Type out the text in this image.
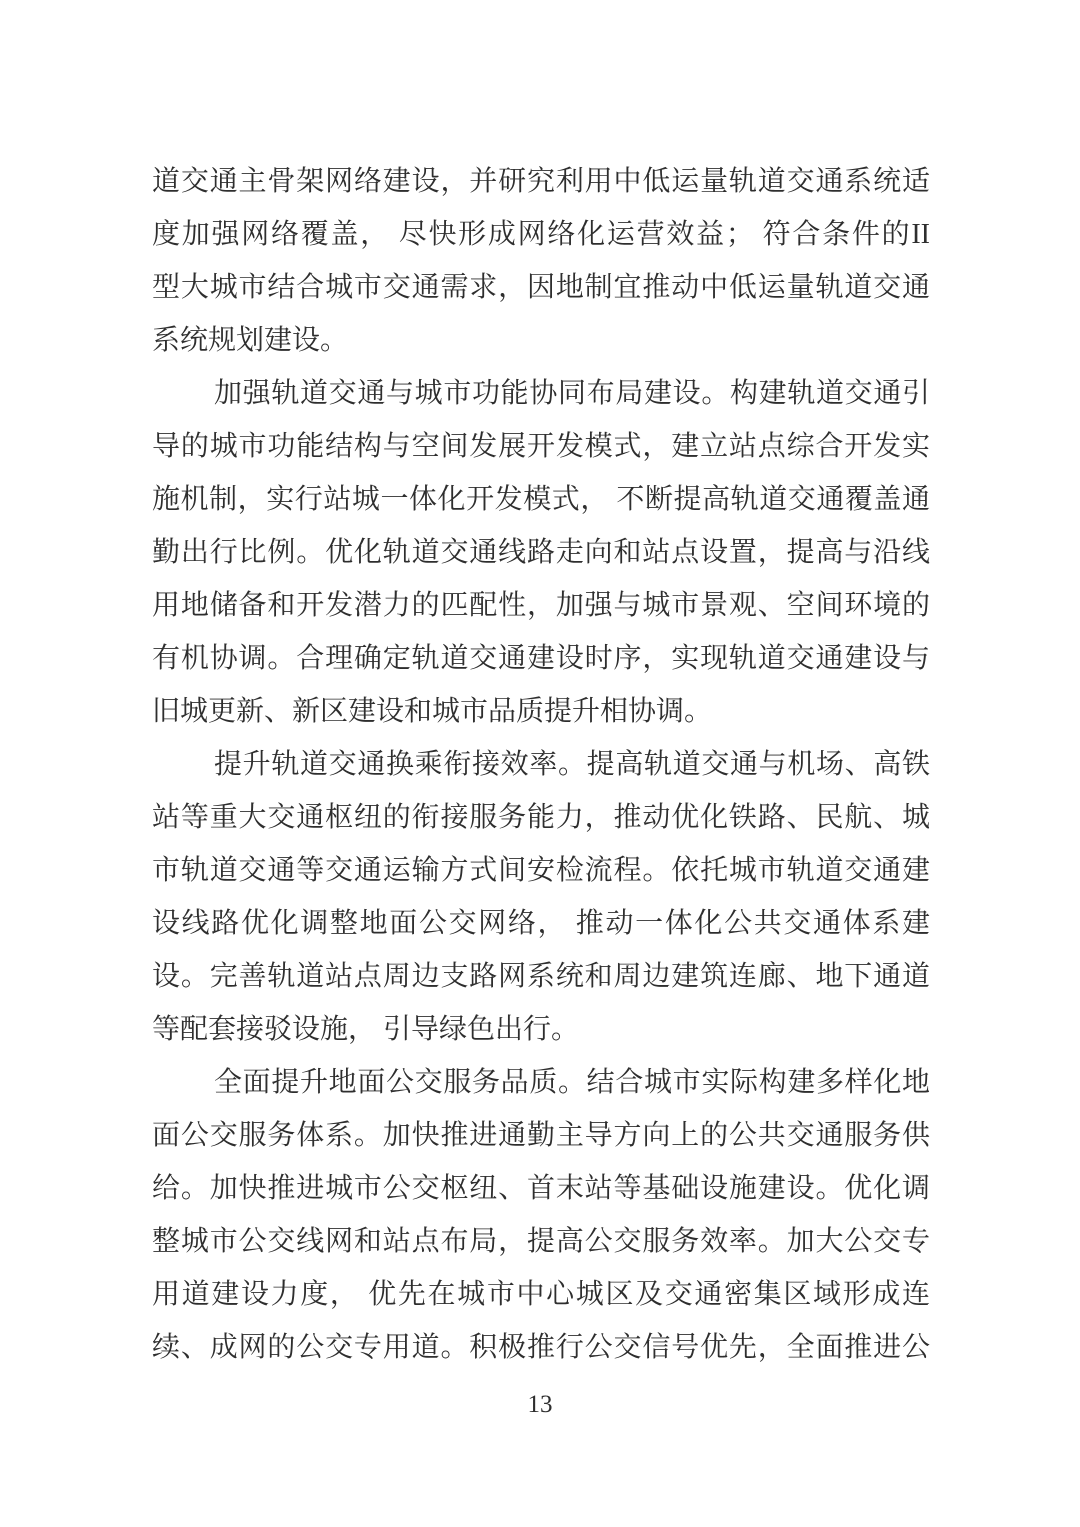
道交通主骨架网络建设，并研究利用中低运量轨道交通系统适
度加强网络覆盖， 尽快形成网络化运营效益； 符合条件的II
型大城市结合城市交通需求，因地制宜推动中低运量轨道交通
系统规划建设。
加强轨道交通与城市功能协同布局建设。构建轨道交通引
导的城市功能结构与空间发展开发模式，建立站点综合开发实
施机制，实行站城一体化开发模式， 不断提高轨道交通覆盖通
勤出行比例。优化轨道交通线路走向和站点设置，提高与沿线
用地储备和开发潜力的匹配性，加强与城市景观、空间环境的
有机协调。合理确定轨道交通建设时序，实现轨道交通建设与
旧城更新、新区建设和城市品质提升相协调。
提升轨道交通换乘衔接效率。提高轨道交通与机场、高铁
站等重大交通枢纽的衔接服务能力，推动优化铁路、民航、城
市轨道交通等交通运输方式间安检流程。依托城市轨道交通建
设线路优化调整地面公交网络， 推动一体化公共交通体系建
设。完善轨道站点周边支路网系统和周边建筑连廊、地下通道
等配套接驳设施， 引导绿色出行。
全面提升地面公交服务品质。结合城市实际构建多样化地
面公交服务体系。加快推进通勤主导方向上的公共交通服务供
给。加快推进城市公交枢纽、首末站等基础设施建设。优化调
整城市公交线网和站点布局，提高公交服务效率。加大公交专
用道建设力度， 优先在城市中心城区及交通密集区域形成连
续、成网的公交专用道。积极推行公交信号优先，全面推进公
13
